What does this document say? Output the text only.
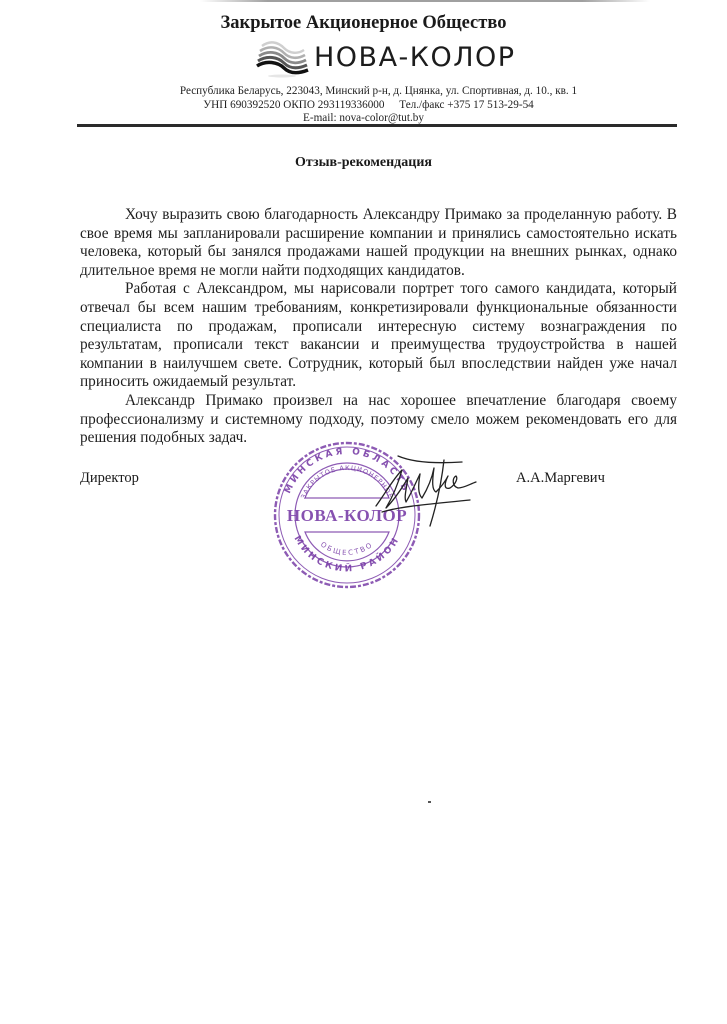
Закрытое Акционерное Общество
НОВА-КОЛОР
Республика Беларусь, 223043, Минский р-н, д. Цнянка, ул. Спортивная, д. 10., кв. 1
УНП 690392520 ОКПО 293119336000 Тел./факс +375 17 513-29-54
E-mail: nova-color@tut.by
Отзыв-рекомендация

Хочу выразить свою благодарность Александру Примако за проделанную работу. В свое время мы запланировали расширение компании и принялись самостоятельно искать человека, который бы занялся продажами нашей продукции на внешних рынках, однако длительное время не могли найти подходящих кандидатов.

Работая с Александром, мы нарисовали портрет того самого кандидата, который отвечал бы всем нашим требованиям, конкретизировали функциональные обязанности специалиста по продажам, прописали интересную систему вознаграждения по результатам, прописали текст вакансии и преимущества трудоустройства в нашей компании в наилучшем свете. Сотрудник, который был впоследствии найден уже начал приносить ожидаемый результат.

Александр Примако произвел на нас хорошее впечатление благодаря своему профессионализму и системному подходу, поэтому смело можем рекомендовать его для решения подобных задач.

Директор	А.А.Маргевич
МИНСКАЯ ОБЛАСТЬ
МИНСКИЙ РАЙОН
ЗАКРЫТОЕ АКЦИОНЕРНОЕ
ОБЩЕСТВО
НОВА-КОЛОР
